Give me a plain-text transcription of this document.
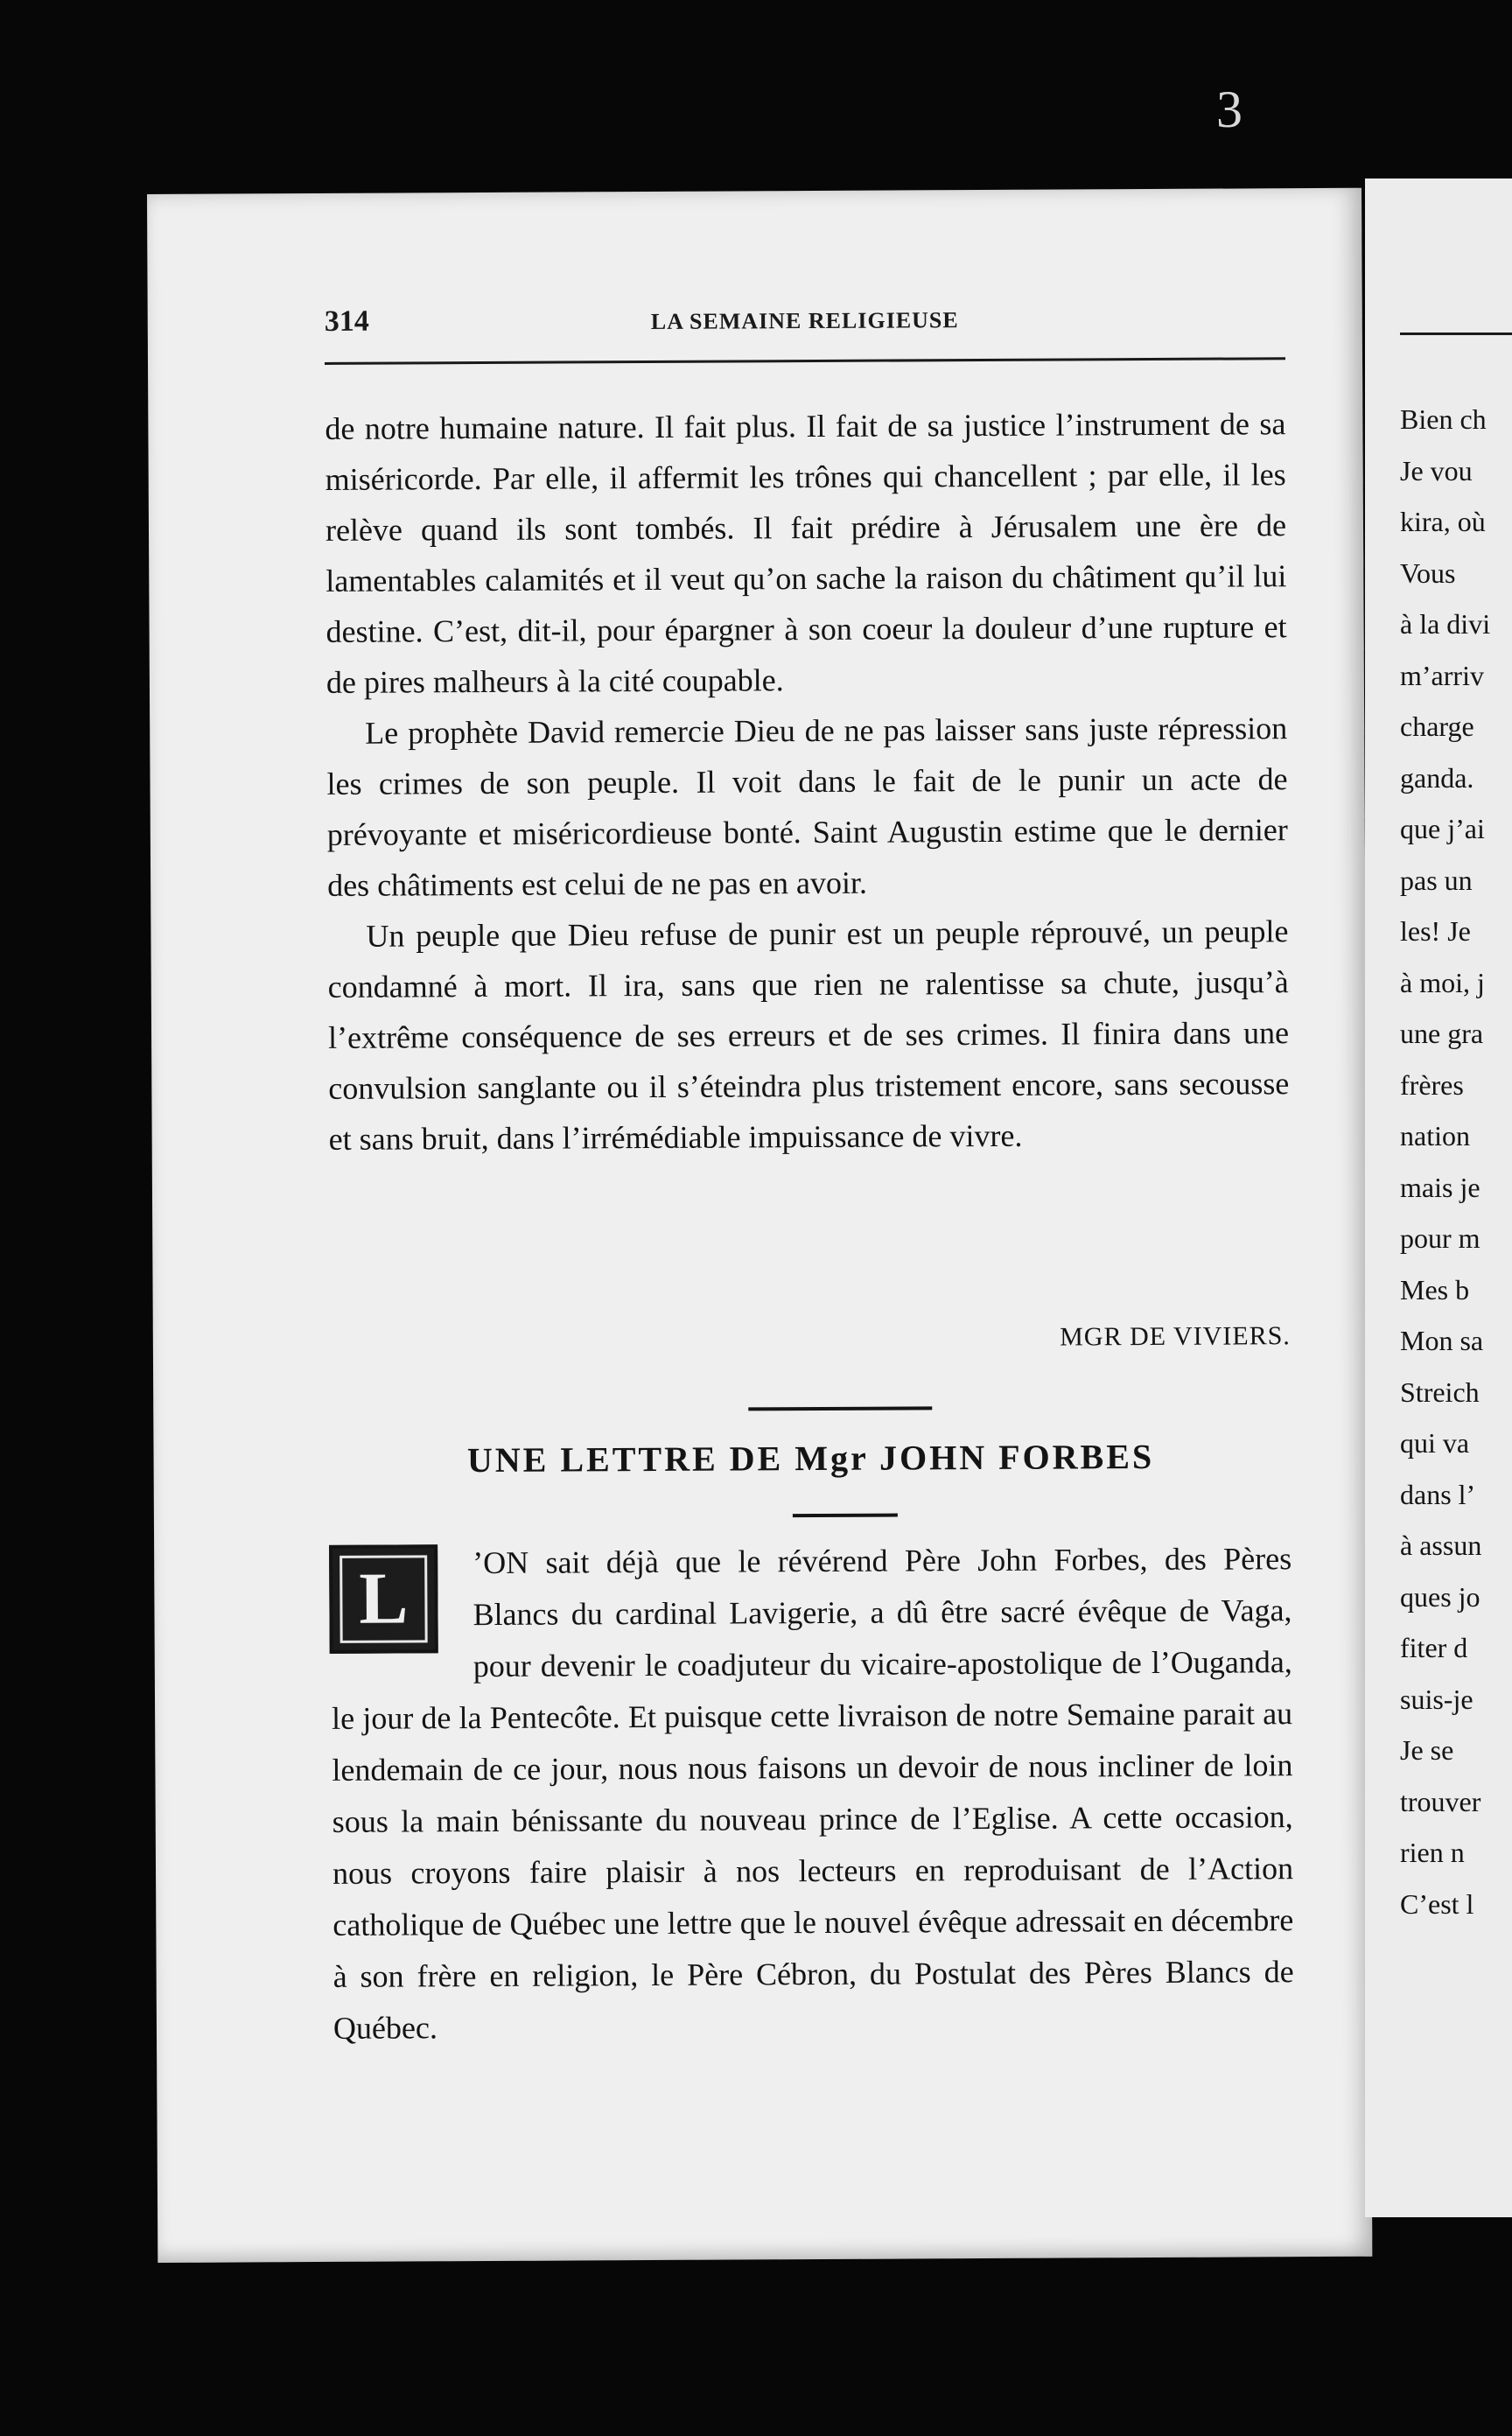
3
314	LA SEMAINE RELIGIEUSE

de notre humaine nature. Il fait plus. Il fait de sa justice l’instrument de sa miséricorde. Par elle, il affermit les trônes qui chancellent ; par elle, il les relève quand ils sont tombés. Il fait prédire à Jérusalem une ère de lamentables calamités et il veut qu’on sache la raison du châtiment qu’il lui destine. C’est, dit-il, pour épargner à son coeur la douleur d’une rupture et de pires malheurs à la cité coupable.

Le prophète David remercie Dieu de ne pas laisser sans juste répression les crimes de son peuple. Il voit dans le fait de le punir un acte de prévoyante et miséricordieuse bonté. Saint Augustin estime que le dernier des châtiments est celui de ne pas en avoir.

Un peuple que Dieu refuse de punir est un peuple réprouvé, un peuple condamné à mort. Il ira, sans que rien ne ralentisse sa chute, jusqu’à l’extrême conséquence de ses erreurs et de ses crimes. Il finira dans une convulsion sanglante ou il s’éteindra plus tristement encore, sans secousse et sans bruit, dans l’irrémédiable impuissance de vivre.

MGR DE VIVIERS.
UNE LETTRE DE Mgr JOHN FORBES
’ON sait déjà que le révérend Père John Forbes, des Pères Blancs du cardinal Lavigerie, a dû être sacré évêque de Vaga, pour devenir le coadjuteur du vicaire-apostolique de l’Ouganda, le jour de la Pentecôte. Et puisque cette livraison de notre Semaine parait au lendemain de ce jour, nous nous faisons un devoir de nous incliner de loin sous la main bénissante du nouveau prince de l’Eglise. A cette occasion, nous croyons faire plaisir à nos lecteurs en reproduisant de l’Action catholique de Québec une lettre que le nouvel évêque adressait en décembre à son frère en religion, le Père Cébron, du Postulat des Pères Blancs de Québec.
L
Bien ch
Je vou
kira, où
Vous
à la divi
m’arriv
charge
ganda.
que j’ai
pas un
les! Je
à moi, j
une gra
frères
nation
mais je
pour m
Mes b
Mon sa
Streich
qui va
dans l’
à assun
ques jo
fiter d
suis-je
Je se
trouver
rien n
C’est l
